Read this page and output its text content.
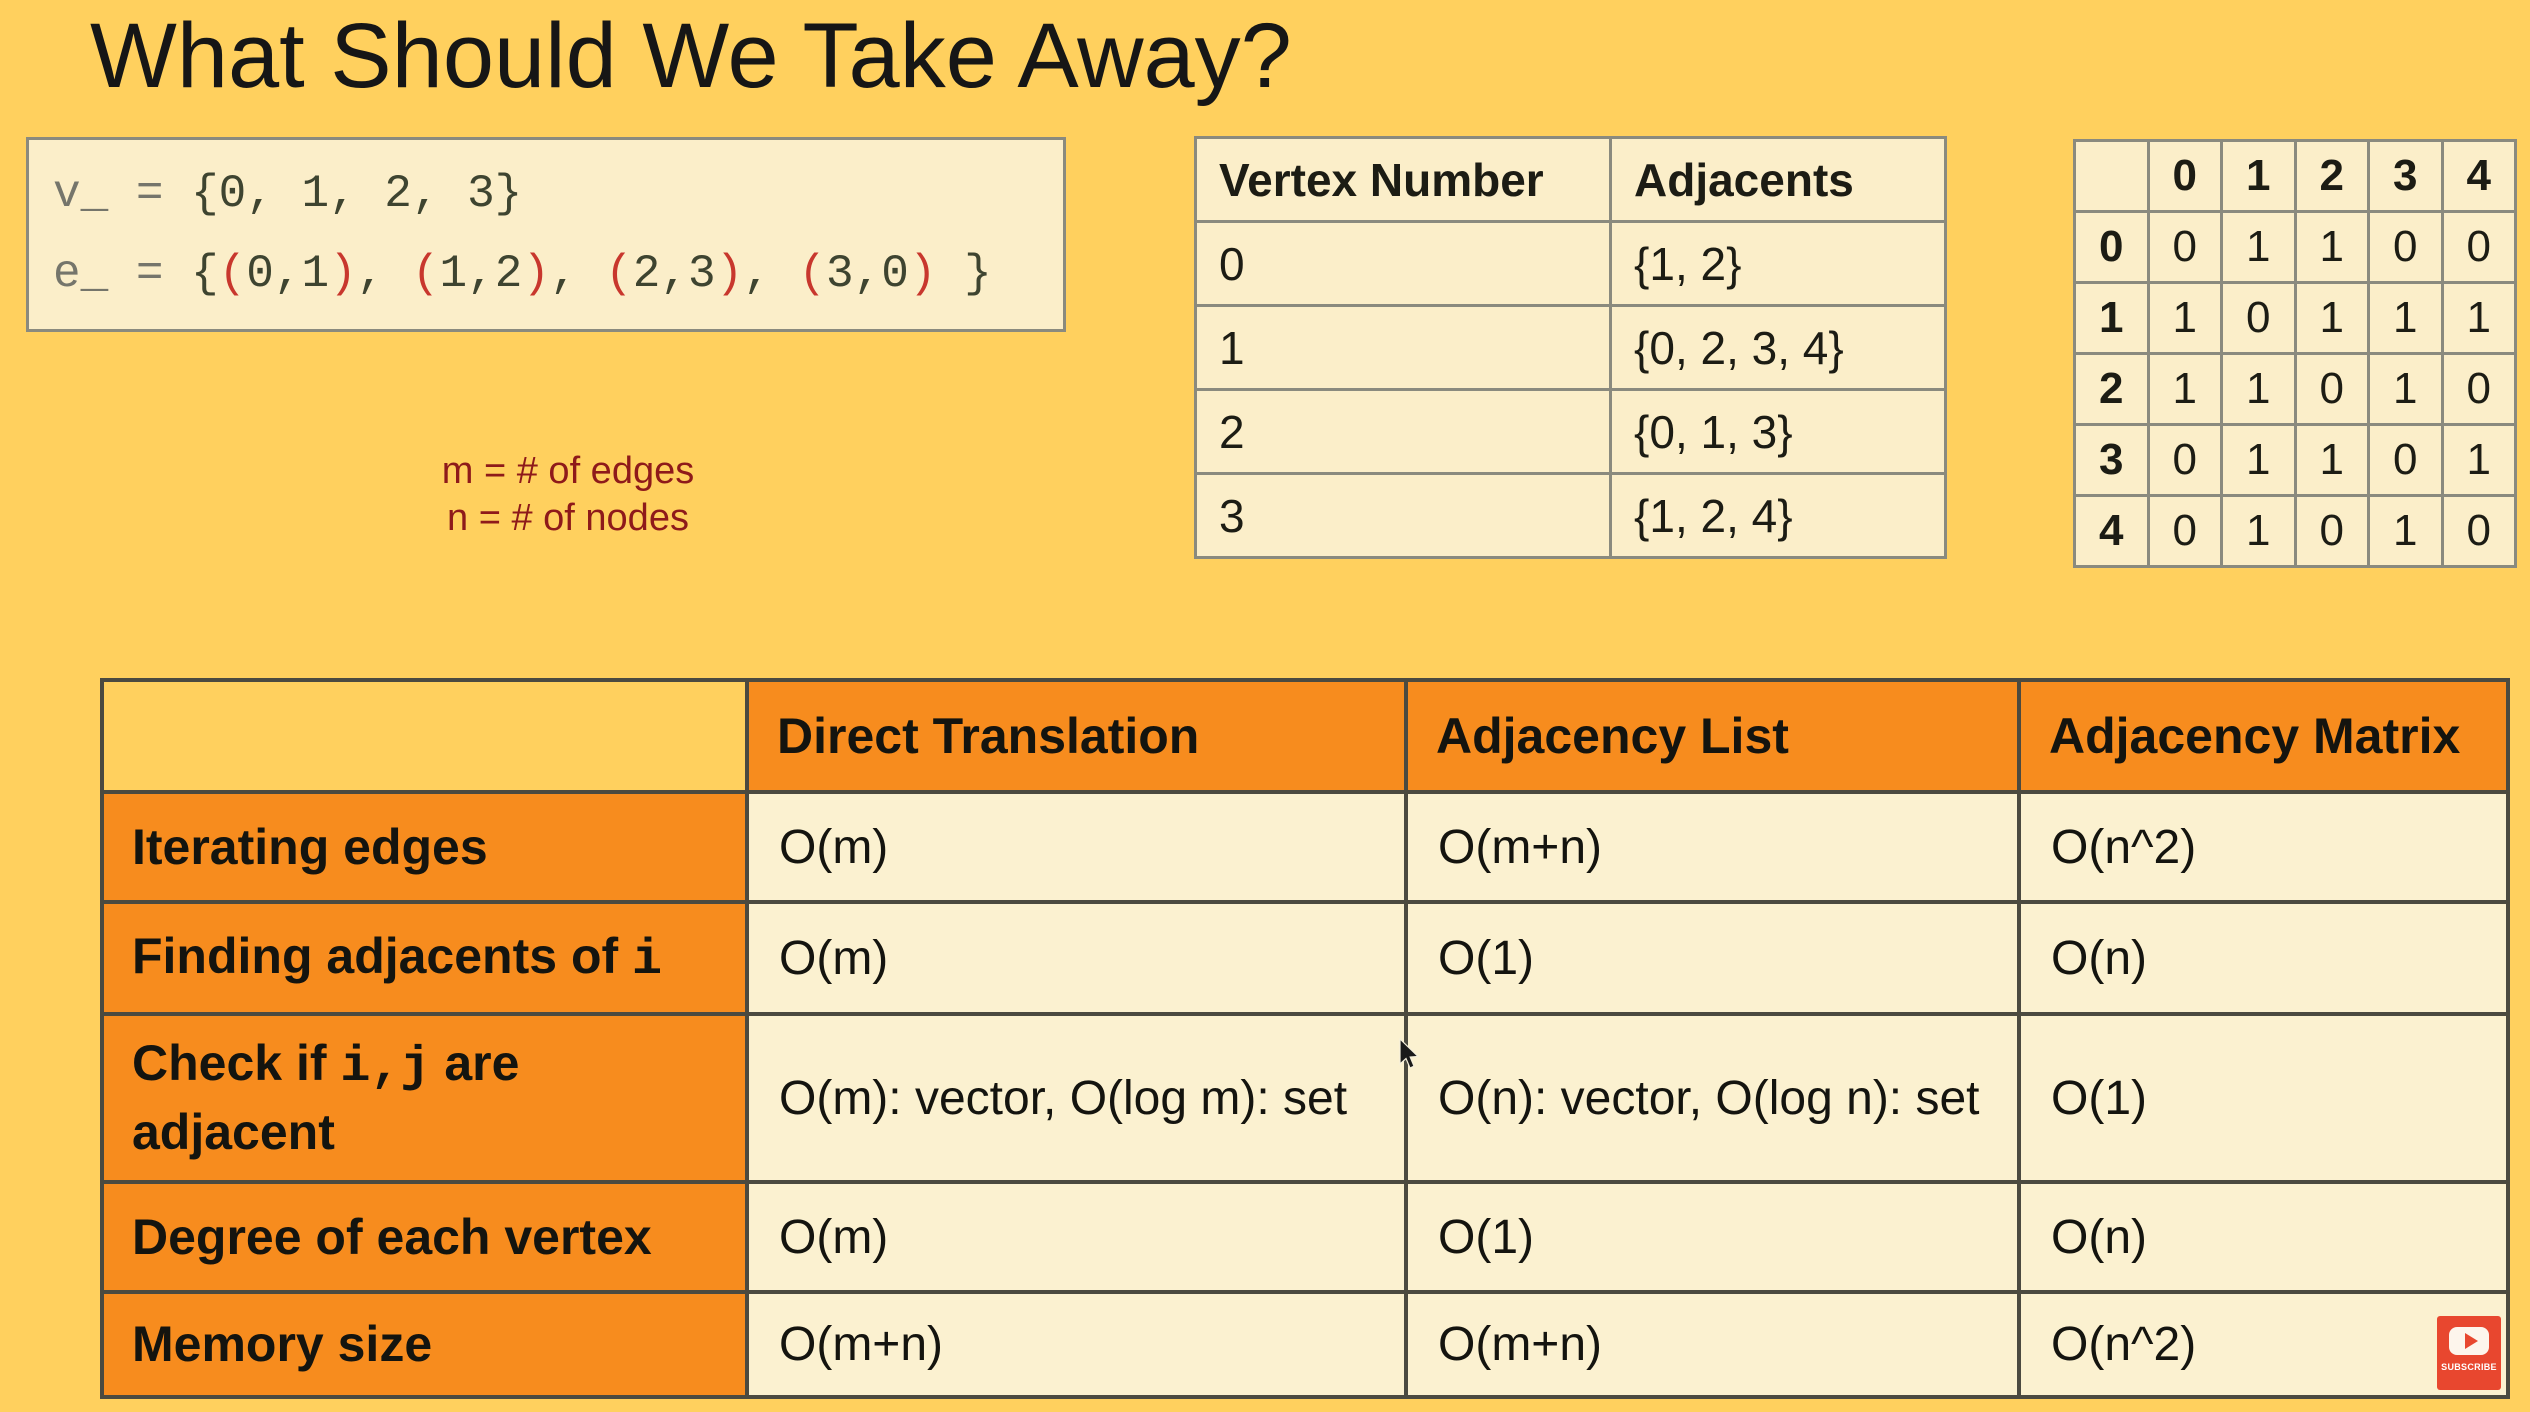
What Should We Take Away?
v_ = {0, 1, 2, 3}
e_ = {(0,1), (1,2), (2,3), (3,0) }
m = # of edges
n = # of nodes
Vertex Number	Adjacents
0	{1, 2}
1	{0, 2, 3, 4}
2	{0, 1, 3}
3	{1, 2, 4}
	0	1	2	3	4
0	0	1	1	0	0
1	1	0	1	1	1
2	1	1	0	1	0
3	0	1	1	0	1
4	0	1	0	1	0
	Direct Translation	Adjacency List	Adjacency Matrix
Iterating edges	O(m)	O(m+n)	O(n^2)
Finding adjacents of i	O(m)	O(1)	O(n)
Check if i,j are adjacent	O(m): vector, O(log m): set	O(n): vector, O(log n): set	O(1)
Degree of each vertex	O(m)	O(1)	O(n)
Memory size	O(m+n)	O(m+n)	O(n^2)	SUBSCRIBE
